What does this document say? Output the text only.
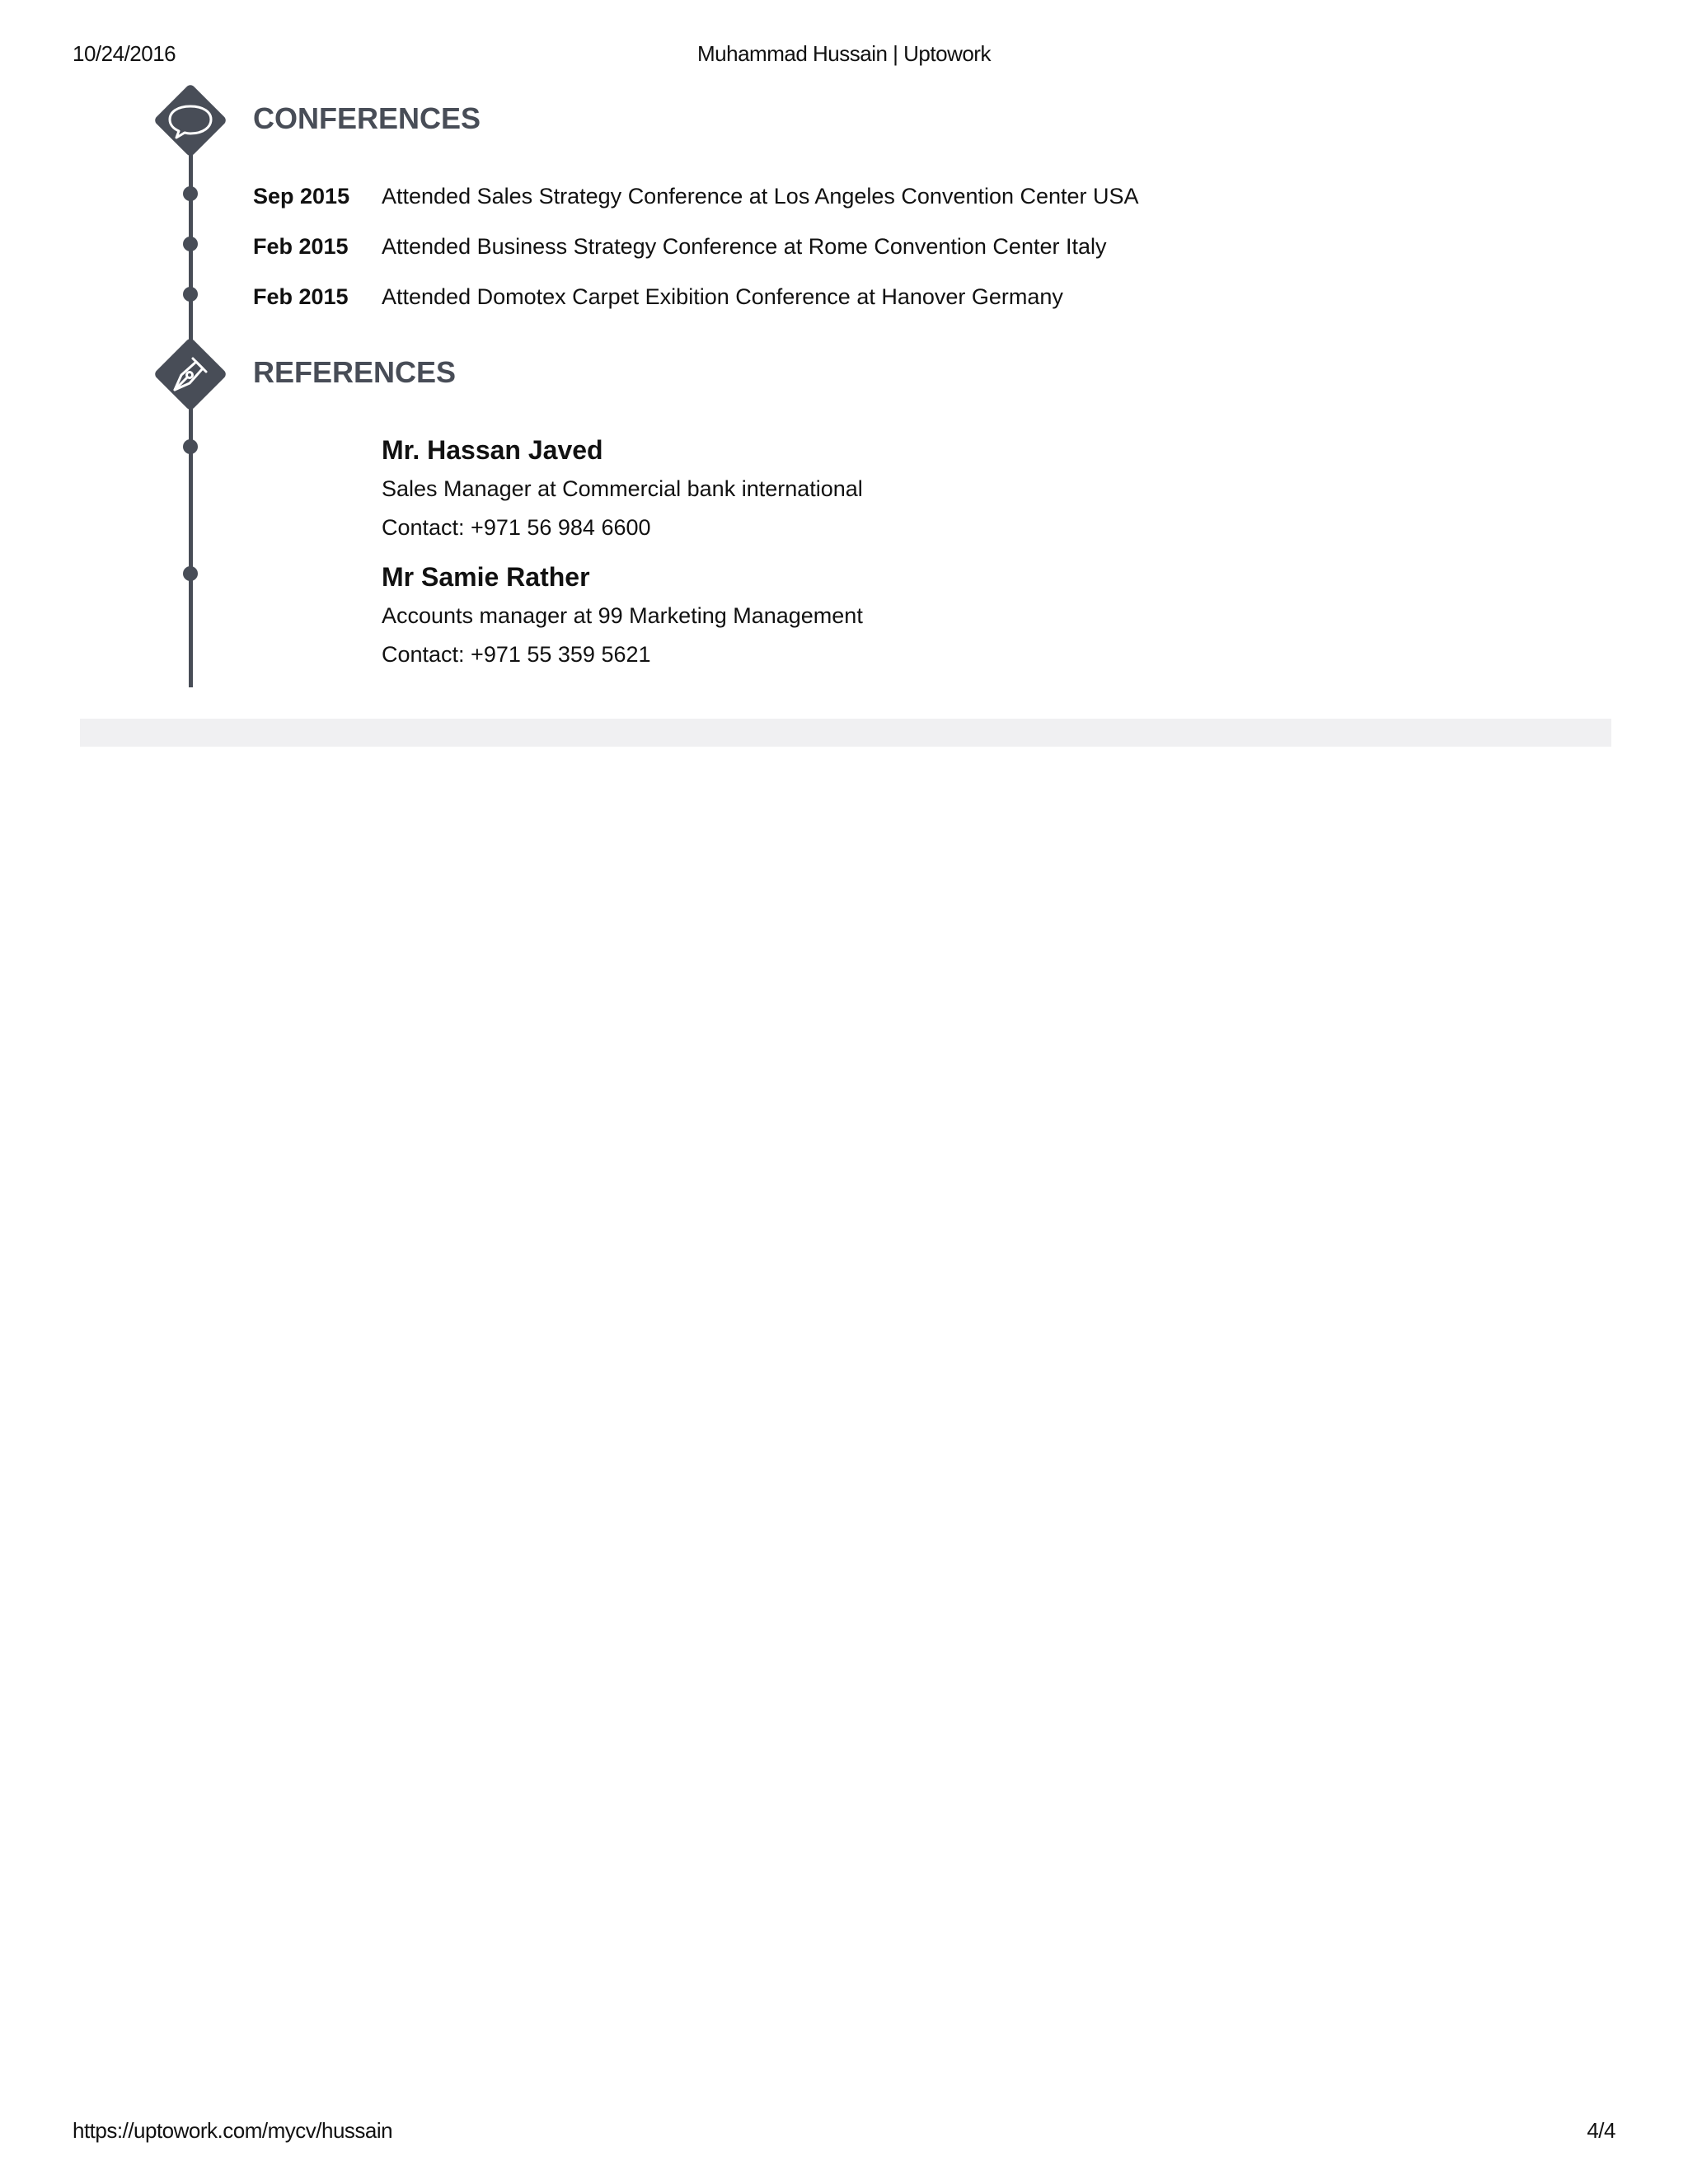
10/24/2016	Muhammad Hussain | Uptowork
CONFERENCES
Sep 2015 Attended Sales Strategy Conference at Los Angeles Convention Center USA
Feb 2015 Attended Business Strategy Conference at Rome Convention Center Italy
Feb 2015 Attended Domotex Carpet Exibition Conference at Hanover Germany
REFERENCES
Mr. Hassan Javed
Sales Manager at Commercial bank international
Contact: +971 56 984 6600
Mr Samie Rather
Accounts manager at 99 Marketing Management
Contact: +971 55 359 5621
https://uptowork.com/mycv/hussain	4/4
